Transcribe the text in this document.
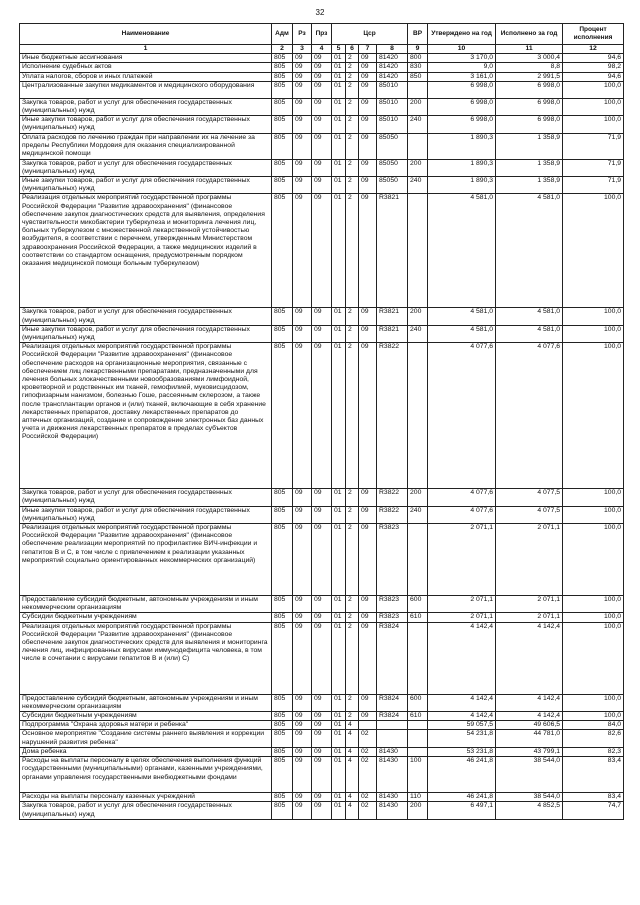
32
Наименование	Адм	Рз	Прз	Цср				ВР	Утверждено на год	Исполнено за год	Процент исполнения
1	2	3	4	5	6	7	8	9	10	11	12
Иные бюджетные ассигнования	805	09	09	01	2	09	81420	800	3 170,0	3 000,4	94,6
Исполнение судебных актов	805	09	09	01	2	09	81420	830	9,0	8,8	98,2
Уплата налогов, сборов и иных платежей	805	09	09	01	2	09	81420	850	3 161,0	2 991,5	94,6
Централизованные закупки медикаментов и медицинского оборудования	805	09	09	01	2	09	85010		6 998,0	6 998,0	100,0
Закупка товаров, работ и услуг для обеспечения государственных (муниципальных) нужд	805	09	09	01	2	09	85010	200	6 998,0	6 998,0	100,0
Иные закупки товаров, работ и услуг для обеспечения государственных (муниципальных) нужд	805	09	09	01	2	09	85010	240	6 998,0	6 998,0	100,0
Оплата расходов по лечению граждан при направлении их на лечение за пределы Республики Мордовия для оказания специализированной медицинской помощи	805	09	09	01	2	09	85050		1 890,3	1 358,9	71,9
Закупка товаров, работ и услуг для обеспечения государственных (муниципальных) нужд	805	09	09	01	2	09	85050	200	1 890,3	1 358,9	71,9
Иные закупки товаров, работ и услуг для обеспечения государственных (муниципальных) нужд	805	09	09	01	2	09	85050	240	1 890,3	1 358,9	71,9
Реализация отдельных мероприятий государственной программы Российской Федерации "Развитие здравоохранения" (финансовое обеспечение закупок диагностических средств для выявления, определения чувствительности микобактерии туберкулеза и мониторинга лечения лиц, больных туберкулезом с множественной лекарственной устойчивостью возбудителя, в соответствии с перечнем, утвержденным Министерством здравоохранения Российской Федерации, а также медицинских изделий в соответствии со стандартом оснащения, предусмотренным порядком оказания медицинской помощи больным туберкулезом)	805	09	09	01	2	09	R3821		4 581,0	4 581,0	100,0
Закупка товаров, работ и услуг для обеспечения государственных (муниципальных) нужд	805	09	09	01	2	09	R3821	200	4 581,0	4 581,0	100,0
Иные закупки товаров, работ и услуг для обеспечения государственных (муниципальных) нужд	805	09	09	01	2	09	R3821	240	4 581,0	4 581,0	100,0
Реализация отдельных мероприятий государственной программы Российской Федерации "Развитие здравоохранения" (финансовое обеспечение расходов на организационные мероприятия, связанные с обеспечением лиц лекарственными препаратами, предназначенными для лечения больных злокачественными новообразованиями лимфоидной, кроветворной и родственных им тканей, гемофилией, муковисцидозом, гипофизарным нанизмом, болезнью Гоше, рассеянным склерозом, а также после трансплантации органов и (или) тканей, включающие в себя хранение лекарственных препаратов, доставку лекарственных препаратов до аптечных организаций, создание и сопровождение электронных баз данных учета и движения лекарственных препаратов в пределах субъектов Российской Федерации)	805	09	09	01	2	09	R3822		4 077,6	4 077,6	100,0
Закупка товаров, работ и услуг для обеспечения государственных (муниципальных) нужд	805	09	09	01	2	09	R3822	200	4 077,6	4 077,5	100,0
Иные закупки товаров, работ и услуг для обеспечения государственных (муниципальных) нужд	805	09	09	01	2	09	R3822	240	4 077,6	4 077,5	100,0
Реализация отдельных мероприятий государственной программы Российской Федерации "Развитие здравоохранения" (финансовое обеспечение реализации мероприятий по профилактике ВИЧ-инфекции и гепатитов В и С, в том числе с привлечением к реализации указанных мероприятий социально ориентированных некоммерческих организаций)	805	09	09	01	2	09	R3823		2 071,1	2 071,1	100,0
Предоставление субсидий бюджетным, автономным учреждениям и иным некоммерческим организациям	805	09	09	01	2	09	R3823	600	2 071,1	2 071,1	100,0
Субсидии бюджетным учреждениям	805	09	09	01	2	09	R3823	610	2 071,1	2 071,1	100,0
Реализация отдельных мероприятий государственной программы Российской Федерации "Развитие здравоохранения" (финансовое обеспечение закупок диагностических средств для выявления и мониторинга лечения лиц, инфицированных вирусами иммунодефицита человека, в том числе в сочетании с вирусами гепатитов В и (или) С)	805	09	09	01	2	09	R3824		4 142,4	4 142,4	100,0
Предоставление субсидий бюджетным, автономным учреждениям и иным некоммерческим организациям	805	09	09	01	2	09	R3824	600	4 142,4	4 142,4	100,0
Субсидии бюджетным учреждениям	805	09	09	01	2	09	R3824	610	4 142,4	4 142,4	100,0
Подпрограмма "Охрана здоровья матери и ребенка"	805	09	09	01	4				59 057,5	49 606,5	84,0
Основное мероприятие "Создание системы раннего выявления и коррекции нарушений развития ребенка"	805	09	09	01	4	02			54 231,8	44 781,0	82,6
Дома ребенка	805	09	09	01	4	02	81430		53 231,8	43 799,1	82,3
Расходы на выплаты персоналу в целях обеспечения выполнения функций государственными (муниципальными) органами, казенными учреждениями, органами управления государственными внебюджетными фондами	805	09	09	01	4	02	81430	100	46 241,8	38 544,0	83,4
Расходы на выплаты персоналу казенных учреждений	805	09	09	01	4	02	81430	110	46 241,8	38 544,0	83,4
Закупка товаров, работ и услуг для обеспечения государственных (муниципальных) нужд	805	09	09	01	4	02	81430	200	6 497,1	4 852,5	74,7
